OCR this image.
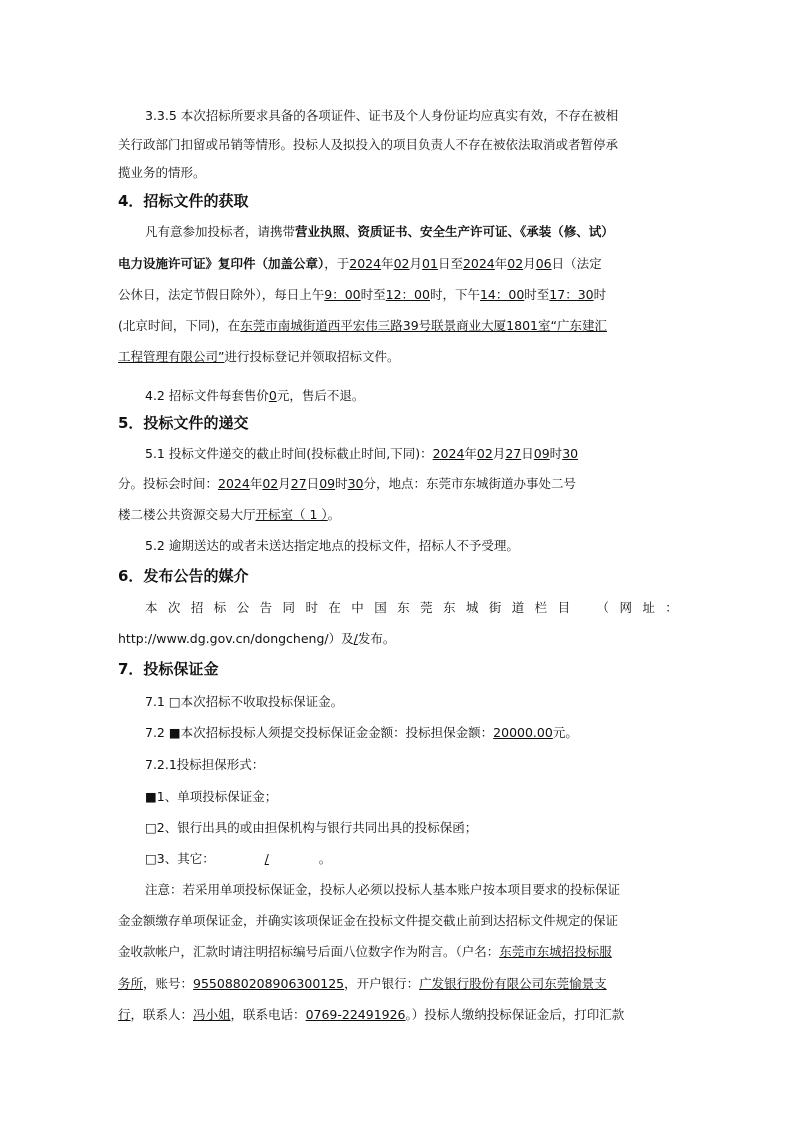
3.3.5 本次招标所要求具备的各项证件、证书及个人身份证均应真实有效，不存在被相
关行政部门扣留或吊销等情形。投标人及拟投入的项目负责人不存在被依法取消或者暂停承
揽业务的情形。
4．招标文件的获取
凡有意参加投标者，请携带营业执照、资质证书、安全生产许可证、《承装（修、试）
电力设施许可证》复印件（加盖公章），于2024年02月01日至2024年02月06日（法定
公休日，法定节假日除外），每日上午9：00时至12：00时，下午14：00时至17：30时
(北京时间，下同)，在东莞市南城街道西平宏伟三路39号联景商业大厦1801室“广东建汇
工程管理有限公司”进行投标登记并领取招标文件。
4.2 招标文件每套售价0元，售后不退。
5．投标文件的递交
5.1 投标文件递交的截止时间(投标截止时间,下同)：2024年02月27日09时30
分。投标会时间：2024年02月27日09时30分，地点：东莞市东城街道办事处二号
楼二楼公共资源交易大厅开标室（ 1 ）。
5.2 逾期送达的或者未送达指定地点的投标文件，招标人不予受理。
6．发布公告的媒介
本 次 招 标 公 告 同 时 在 中 国 东 莞 东 城 街 道 栏 目 （ 网 址 ：
http://www.dg.gov.cn/dongcheng/）及/发布。
7．投标保证金
7.1 □本次招标不收取投标保证金。
7.2 ■本次招标投标人须提交投标保证金金额：投标担保金额：20000.00元。
7.2.1投标担保形式：
■1、单项投标保证金；
□2、银行出具的或由担保机构与银行共同出具的投标保函；
□3、其它：	/	。
注意：若采用单项投标保证金，投标人必须以投标人基本账户按本项目要求的投标保证
金金额缴存单项保证金，并确实该项保证金在投标文件提交截止前到达招标文件规定的保证
金收款帐户，汇款时请注明招标编号后面八位数字作为附言。（户名：东莞市东城招投标服
务所，账号：9550880208906300125，开户银行：广发银行股份有限公司东莞愉景支
行，联系人：冯小姐，联系电话：0769-22491926。）投标人缴纳投标保证金后，打印汇款
